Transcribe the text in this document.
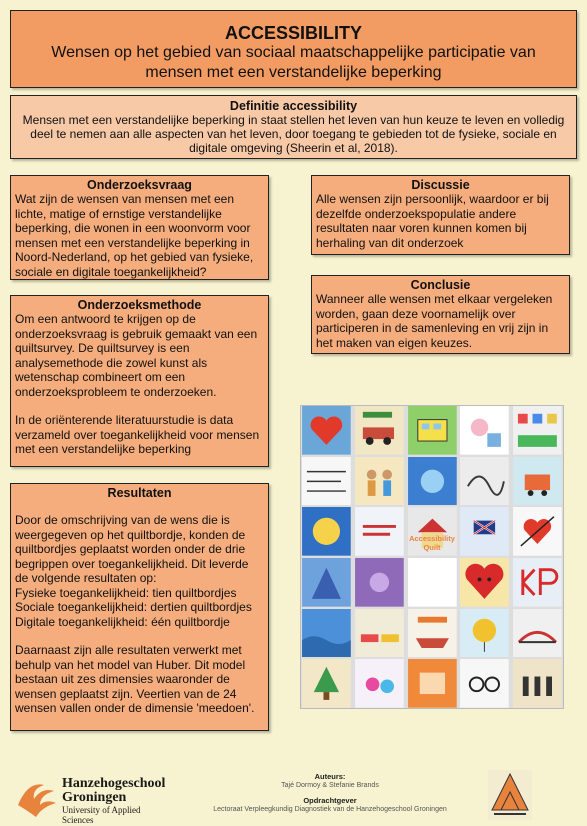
ACCESSIBILITY
Wensen op het gebied van sociaal maatschappelijke participatie van
mensen met een verstandelijke beperking
Definitie accessibility
Mensen met een verstandelijke beperking in staat stellen het leven van hun keuze te leven en volledig deel te nemen aan alle aspecten van het leven, door toegang te gebieden tot de fysieke, sociale en digitale omgeving (Sheerin et al, 2018).
Onderzoeksvraag
Wat zijn de wensen van mensen met een lichte, matige of ernstige verstandelijke beperking, die wonen in een woonvorm voor mensen met een verstandelijke beperking in Noord-Nederland, op het gebied van fysieke, sociale en digitale toegankelijkheid?
Onderzoeksmethode

Om een antwoord te krijgen op de onderzoeksvraag is gebruik gemaakt van een quiltsurvey. De quiltsurvey is een analysemethode die zowel kunst als wetenschap combineert om een onderzoeksprobleem te onderzoeken.

In de oriënterende literatuurstudie is data verzameld over toegankelijkheid voor mensen met een verstandelijke beperking

Resultaten

Door de omschrijving van de wens die is weergegeven op het quiltbordje, konden de quiltbordjes geplaatst worden onder de drie begrippen over toegankelijkheid. Dit leverde de volgende resultaten op:

Fysieke toegankelijkheid: tien quiltbordjes
Sociale toegankelijkheid: dertien quiltbordjes
Digitale toegankelijkheid: één quiltbordje

Daarnaast zijn alle resultaten verwerkt met behulp van het model van Huber. Dit model bestaan uit zes dimensies waaronder de wensen geplaatst zijn. Veertien van de 24 wensen vallen onder de dimensie 'meedoen'.

Discussie
Alle wensen zijn persoonlijk, waardoor er bij dezelfde onderzoekspopulatie andere resultaten naar voren kunnen komen bij herhaling van dit onderzoek
Conclusie
Wanneer alle wensen met elkaar vergeleken worden, gaan deze voornamelijk over participeren in de samenleving en vrij zijn in het maken van eigen keuzes.
Accessibility
Quilt
Hanzehogeschool
Groningen
University of Applied Sciences
Auteurs:
Tajé Dormoy & Stefanie Brands
Opdrachtgever
Lectoraat Verpleegkundig Diagnostiek van de Hanzehogeschool Groningen
